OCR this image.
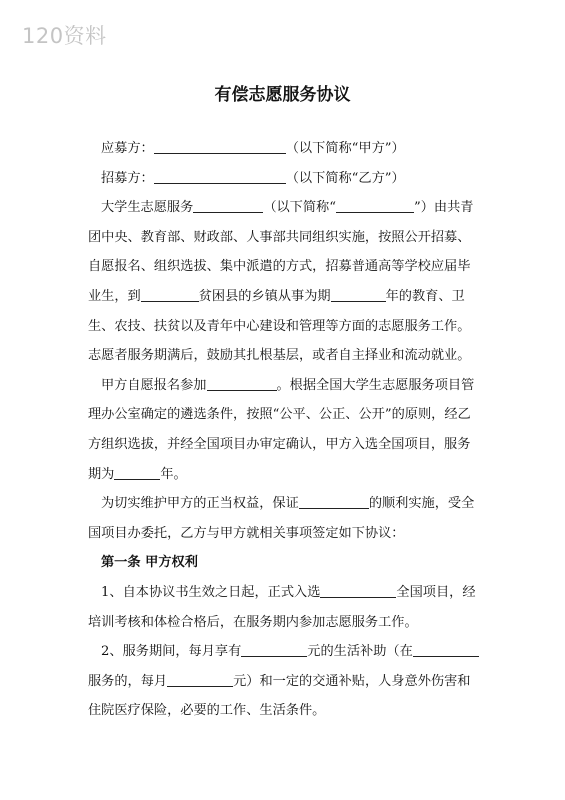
120资料
有偿志愿服务协议

应募方：	（以下简称“甲方”）

招募方：	（以下简称“乙方”）

大学生志愿服务	（以下简称“	”）由共青团中央、教育部、财政部、人事部共同组织实施，按照公开招募、自愿报名、组织选拔、集中派遣的方式，招募普通高等学校应届毕业生，到	贫困县的乡镇从事为期	年的教育、卫生、农技、扶贫以及青年中心建设和管理等方面的志愿服务工作。

志愿者服务期满后，鼓励其扎根基层，或者自主择业和流动就业。

甲方自愿报名参加	。根据全国大学生志愿服务项目管理办公室确定的遴选条件，按照“公平、公正、公开”的原则，经乙方组织选拔，并经全国项目办审定确认，甲方入选全国项目，服务期为	年。

为切实维护甲方的正当权益，保证	的顺利实施，受全国项目办委托，乙方与甲方就相关事项签定如下协议：

第一条 甲方权利

1、自本协议书生效之日起，正式入选	全国项目，经培训考核和体检合格后，在服务期内参加志愿服务工作。

2、服务期间，每月享有	元的生活补助（在服务的，每月	元）和一定的交通补贴，人身意外伤害和住院医疗保险，必要的工作、生活条件。
